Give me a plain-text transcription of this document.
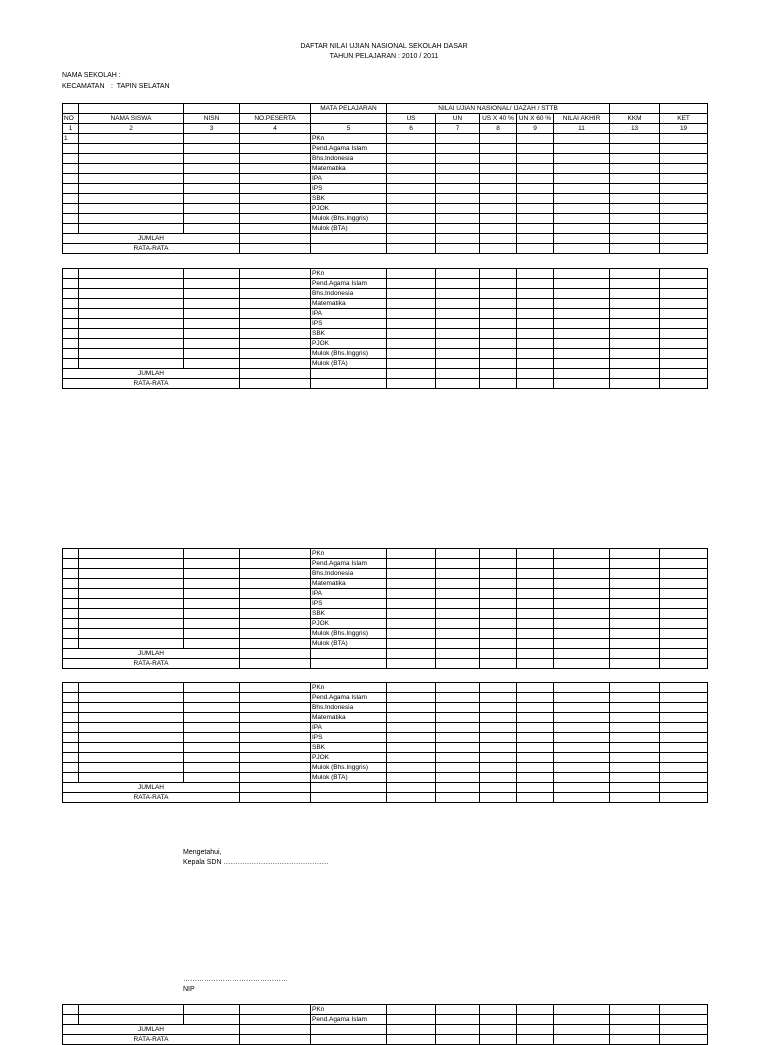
DAFTAR NILAI UJIAN NASIONAL SEKOLAH DASAR
TAHUN PELAJARAN : 2010 / 2011
NAMA SEKOLAH :
KECAMATAN :  TAPIN SELATAN
				MATA PELAJARAN	NILAI UJIAN NASIONAL/ IJAZAH / STTB						
NO	NAMA SISWA	NISN	NO.PESERTA		US	UN	US X 40 %	UN X 60 %	NILAI AKHIR	KKM	KET
1	2	3	4	5	6	7	8	9	11	13	19
1				PKn							
				Pend.Agama Islam							
				Bhs.Indonesia							
				Matematika							
				IPA							
				IPS							
				SBK							
				PJOK							
				Mulok (Bhs.Inggris)							
				Mulok (BTA)							
JUMLAH											
RATA-RATA											
				PKn							
				Pend.Agama Islam							
				Bhs.Indonesia							
				Matematika							
				IPA							
				IPS							
				SBK							
				PJOK							
				Mulok (Bhs.Inggris)							
				Mulok (BTA)							
JUMLAH											
RATA-RATA											
				PKn							
				Pend.Agama Islam							
				Bhs.Indonesia							
				Matematika							
				IPA							
				IPS							
				SBK							
				PJOK							
				Mulok (Bhs.Inggris)							
				Mulok (BTA)							
JUMLAH											
RATA-RATA											
				PKn							
				Pend.Agama Islam							
				Bhs.Indonesia							
				Matematika							
				IPA							
				IPS							
				SBK							
				PJOK							
				Mulok (Bhs.Inggris)							
				Mulok (BTA)							
JUMLAH											
RATA-RATA											
				PKn							
				Pend.Agama Islam							
JUMLAH											
RATA-RATA											
Mengetahui,
Kepala SDN ………………………………………
………………………………………
NIP
